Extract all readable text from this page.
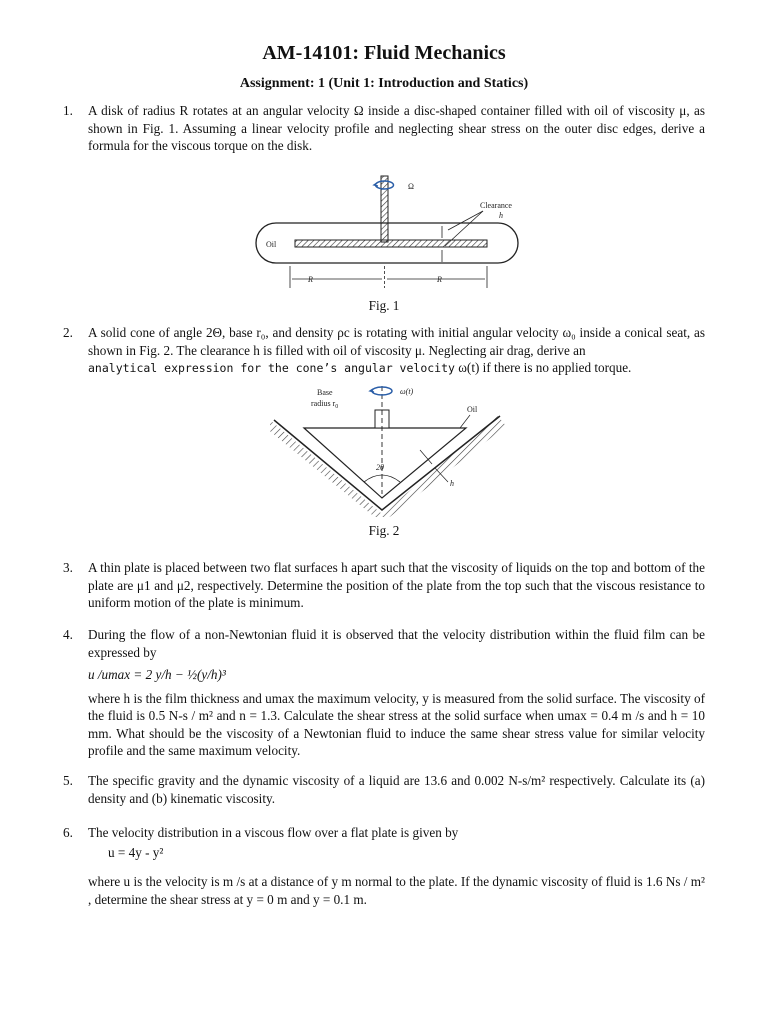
AM-14101: Fluid Mechanics
Assignment: 1 (Unit 1: Introduction and Statics)
1. A disk of radius R rotates at an angular velocity Ω inside a disc-shaped container filled with oil of viscosity μ, as shown in Fig. 1. Assuming a linear velocity profile and neglecting shear stress on the outer disc edges, derive a formula for the viscous torque on the disk.

Ω
Clearance
h
Oil
R	R
Fig. 1
2. A solid cone of angle 2Θ, base r₀, and density ρc is rotating with initial angular velocity ω₀ inside a conical seat, as shown in Fig. 2. The clearance h is filled with oil of viscosity μ. Neglecting air drag, derive an

analytical expression for the cone’s angular velocity ω(t) if there is no applied torque.

ω(t)
Base
radius $r_0$	Oil
2θ
h
Fig. 2
3. A thin plate is placed between two flat surfaces h apart such that the viscosity of liquids on the top and bottom of the plate are μ1 and μ2, respectively. Determine the position of the plate from the top such that the viscous resistance to uniform motion of the plate is minimum.

4. During the flow of a non-Newtonian fluid it is observed that the velocity distribution within the fluid film can be expressed by

u /umax = 2 y/h − ½(y/h)³

where h is the film thickness and umax the maximum velocity, y is measured from the solid surface. The viscosity of the fluid is 0.5 N-s / m² and n = 1.3. Calculate the shear stress at the solid surface when umax = 0.4 m /s and h = 10 mm. What should be the viscosity of a Newtonian fluid to induce the same shear stress value for similar velocity profile and the same maximum velocity.

5. The specific gravity and the dynamic viscosity of a liquid are 13.6 and 0.002 N-s/m² respectively. Calculate its (a) density and (b) kinematic viscosity.

6. The velocity distribution in a viscous flow over a flat plate is given by

u = 4y - y²

where u is the velocity is m /s at a distance of y m normal to the plate. If the dynamic viscosity of fluid is 1.6 Ns / m² , determine the shear stress at y = 0 m and y = 0.1 m.
